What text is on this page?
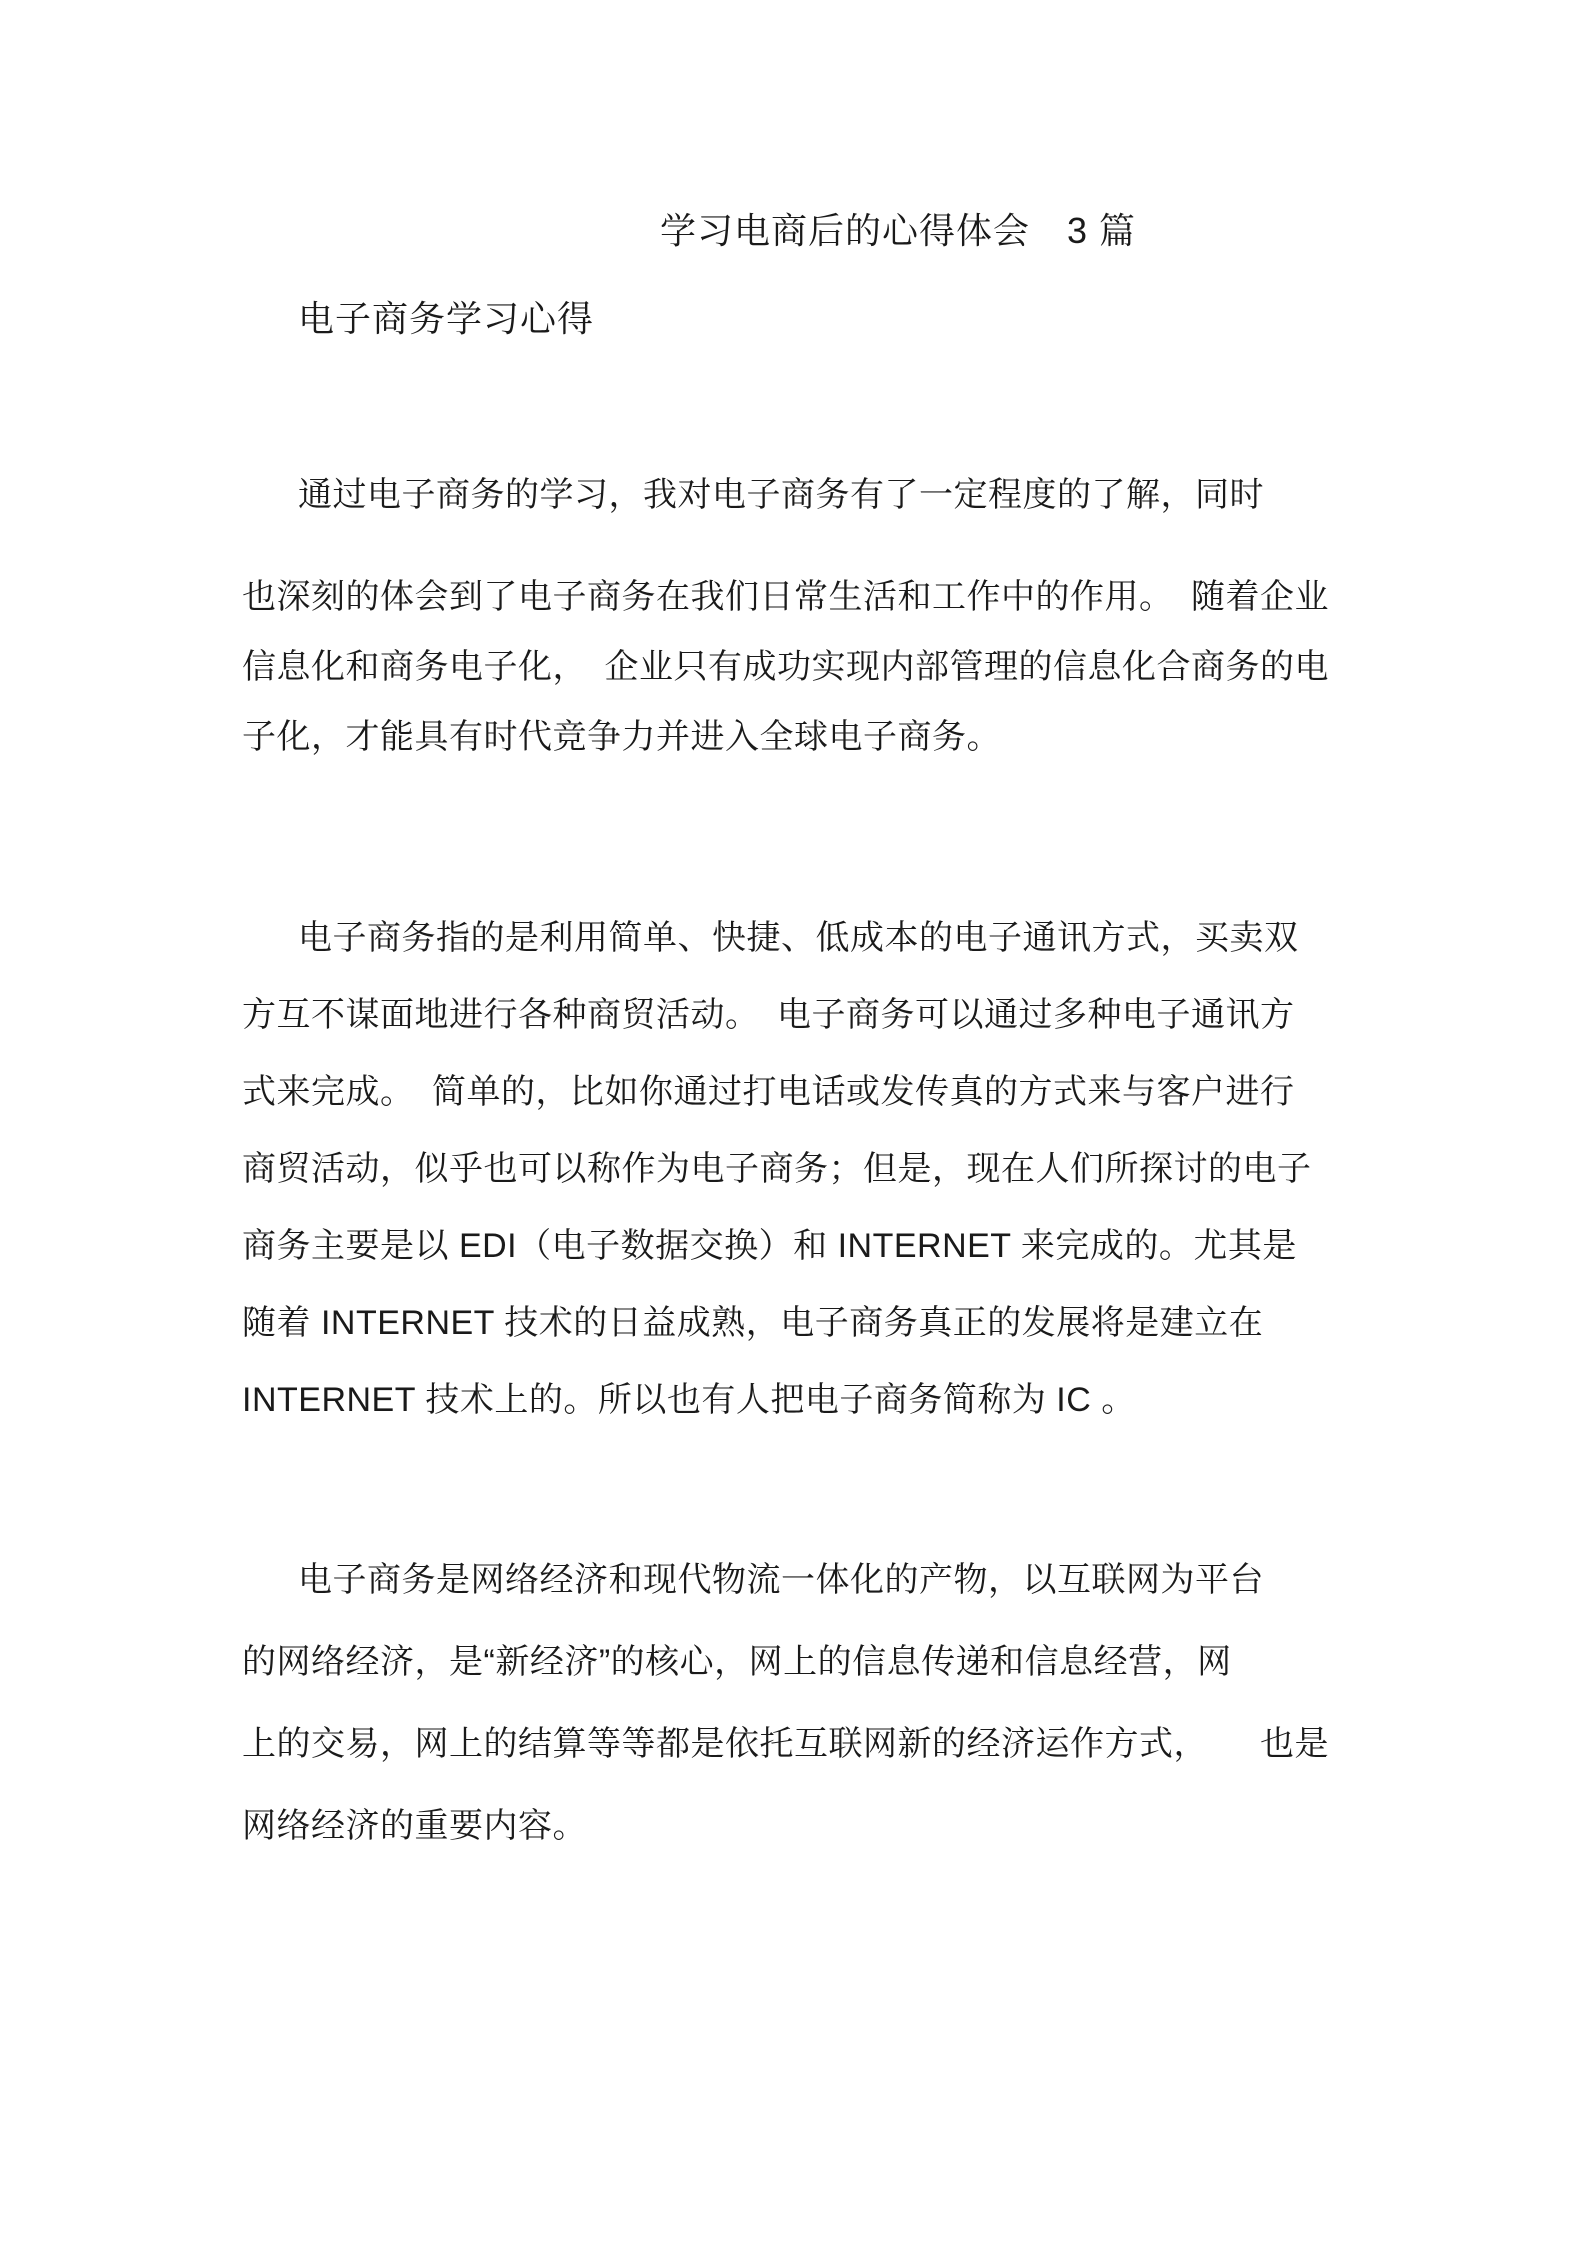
学习电商后的心得体会　3 篇
电子商务学习心得
通过电子商务的学习，我对电子商务有了一定程度的了解，同时
也深刻的体会到了电子商务在我们日常生活和工作中的作用。　随着企业
信息化和商务电子化，　企业只有成功实现内部管理的信息化合商务的电
子化，才能具有时代竞争力并进入全球电子商务。
电子商务指的是利用简单、快捷、低成本的电子通讯方式，买卖双
方互不谋面地进行各种商贸活动。　电子商务可以通过多种电子通讯方
式来完成。　简单的，比如你通过打电话或发传真的方式来与客户进行
商贸活动，似乎也可以称作为电子商务；但是，现在人们所探讨的电子
商务主要是以 EDI（电子数据交换）和 INTERNET 来完成的。尤其是
随着 INTERNET 技术的日益成熟，电子商务真正的发展将是建立在
INTERNET 技术上的。所以也有人把电子商务简称为 IC 。
电子商务是网络经济和现代物流一体化的产物，以互联网为平台
的网络经济，是“新经济”的核心，网上的信息传递和信息经营，网
上的交易，网上的结算等等都是依托互联网新的经济运作方式，　　也是
网络经济的重要内容。
